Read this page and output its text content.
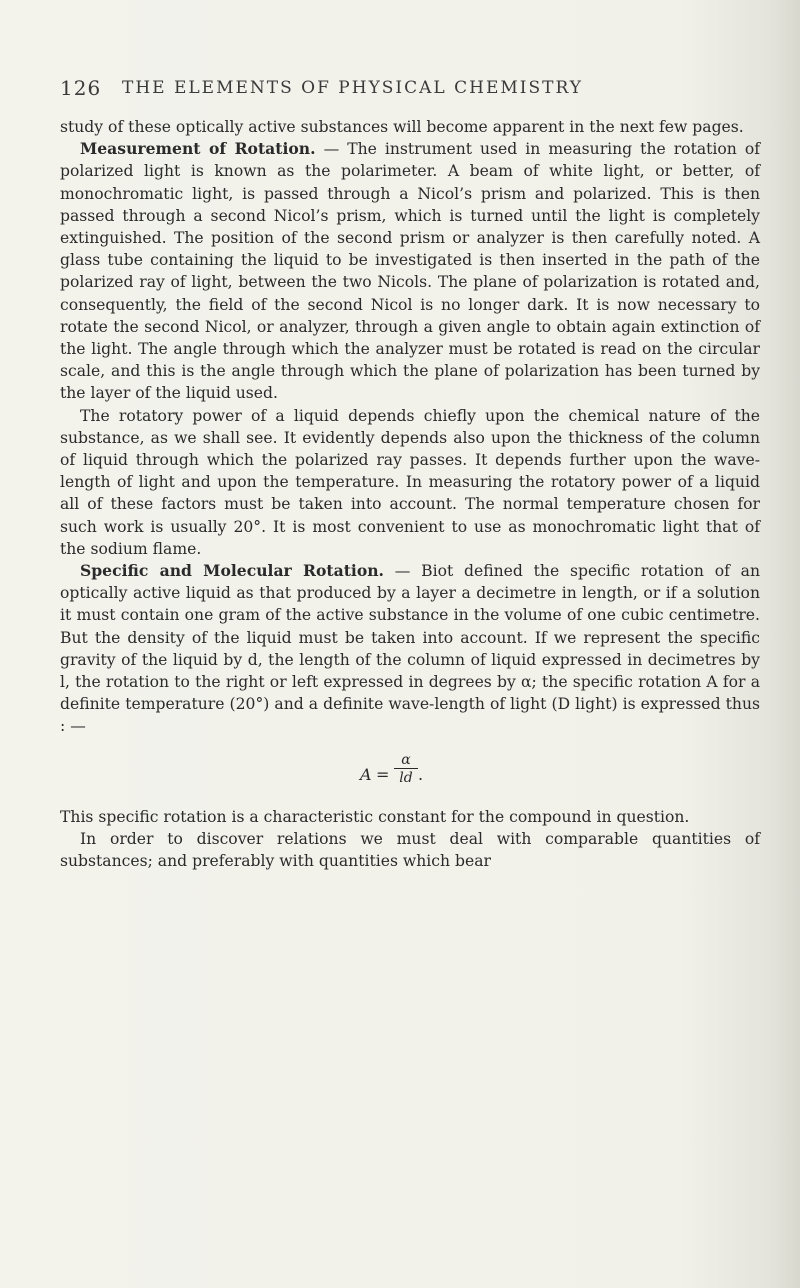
126 THE ELEMENTS OF PHYSICAL CHEMISTRY

study of these optically active substances will become apparent in the next few pages.

Measurement of Rotation. — The instrument used in measuring the rotation of polarized light is known as the polarimeter. A beam of white light, or better, of monochromatic light, is passed through a Nicol’s prism and polarized. This is then passed through a second Nicol’s prism, which is turned until the light is completely extinguished. The position of the second prism or analyzer is then carefully noted. A glass tube containing the liquid to be investigated is then inserted in the path of the polarized ray of light, between the two Nicols. The plane of polarization is rotated and, consequently, the field of the second Nicol is no longer dark. It is now necessary to rotate the second Nicol, or analyzer, through a given angle to obtain again extinction of the light. The angle through which the analyzer must be rotated is read on the circular scale, and this is the angle through which the plane of polarization has been turned by the layer of the liquid used.

The rotatory power of a liquid depends chiefly upon the chemical nature of the substance, as we shall see. It evidently depends also upon the thickness of the column of liquid through which the polarized ray passes. It depends further upon the wave-length of light and upon the temperature. In measuring the rotatory power of a liquid all of these factors must be taken into account. The normal temperature chosen for such work is usually 20°. It is most convenient to use as monochromatic light that of the sodium flame.

Specific and Molecular Rotation. — Biot defined the specific rotation of an optically active liquid as that produced by a layer a decimetre in length, or if a solution it must contain one gram of the active substance in the volume of one cubic centimetre. But the density of the liquid must be taken into account. If we represent the specific gravity of the liquid by d, the length of the column of liquid expressed in decimetres by l, the rotation to the right or left expressed in degrees by α; the specific rotation A for a definite temperature (20°) and a definite wave-length of light (D light) is expressed thus : —

$A = \frac{\alpha}{ld}$ .

This specific rotation is a characteristic constant for the compound in question.

In order to discover relations we must deal with comparable quantities of substances; and preferably with quantities which bear
